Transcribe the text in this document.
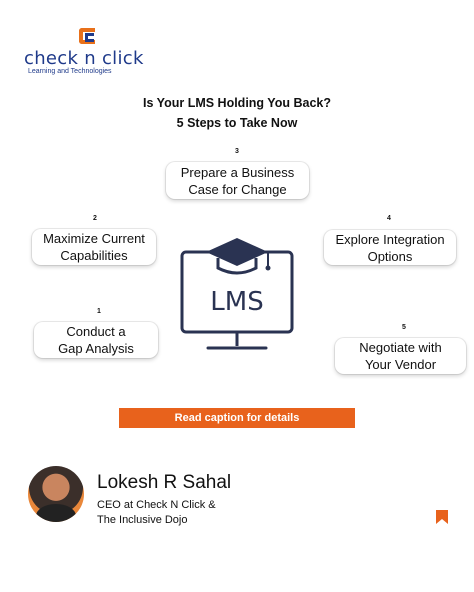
check n click
Learning and Technologies
Is Your LMS Holding You Back?
5 Steps to Take Now
3
Prepare a Business
Case for Change
2
Maximize Current
Capabilities
4
Explore Integration
Options
1
Conduct a
Gap Analysis
5
Negotiate with
Your Vendor
LMS
Read caption for details
Lokesh R Sahal
CEO at Check N Click &
The Inclusive Dojo
